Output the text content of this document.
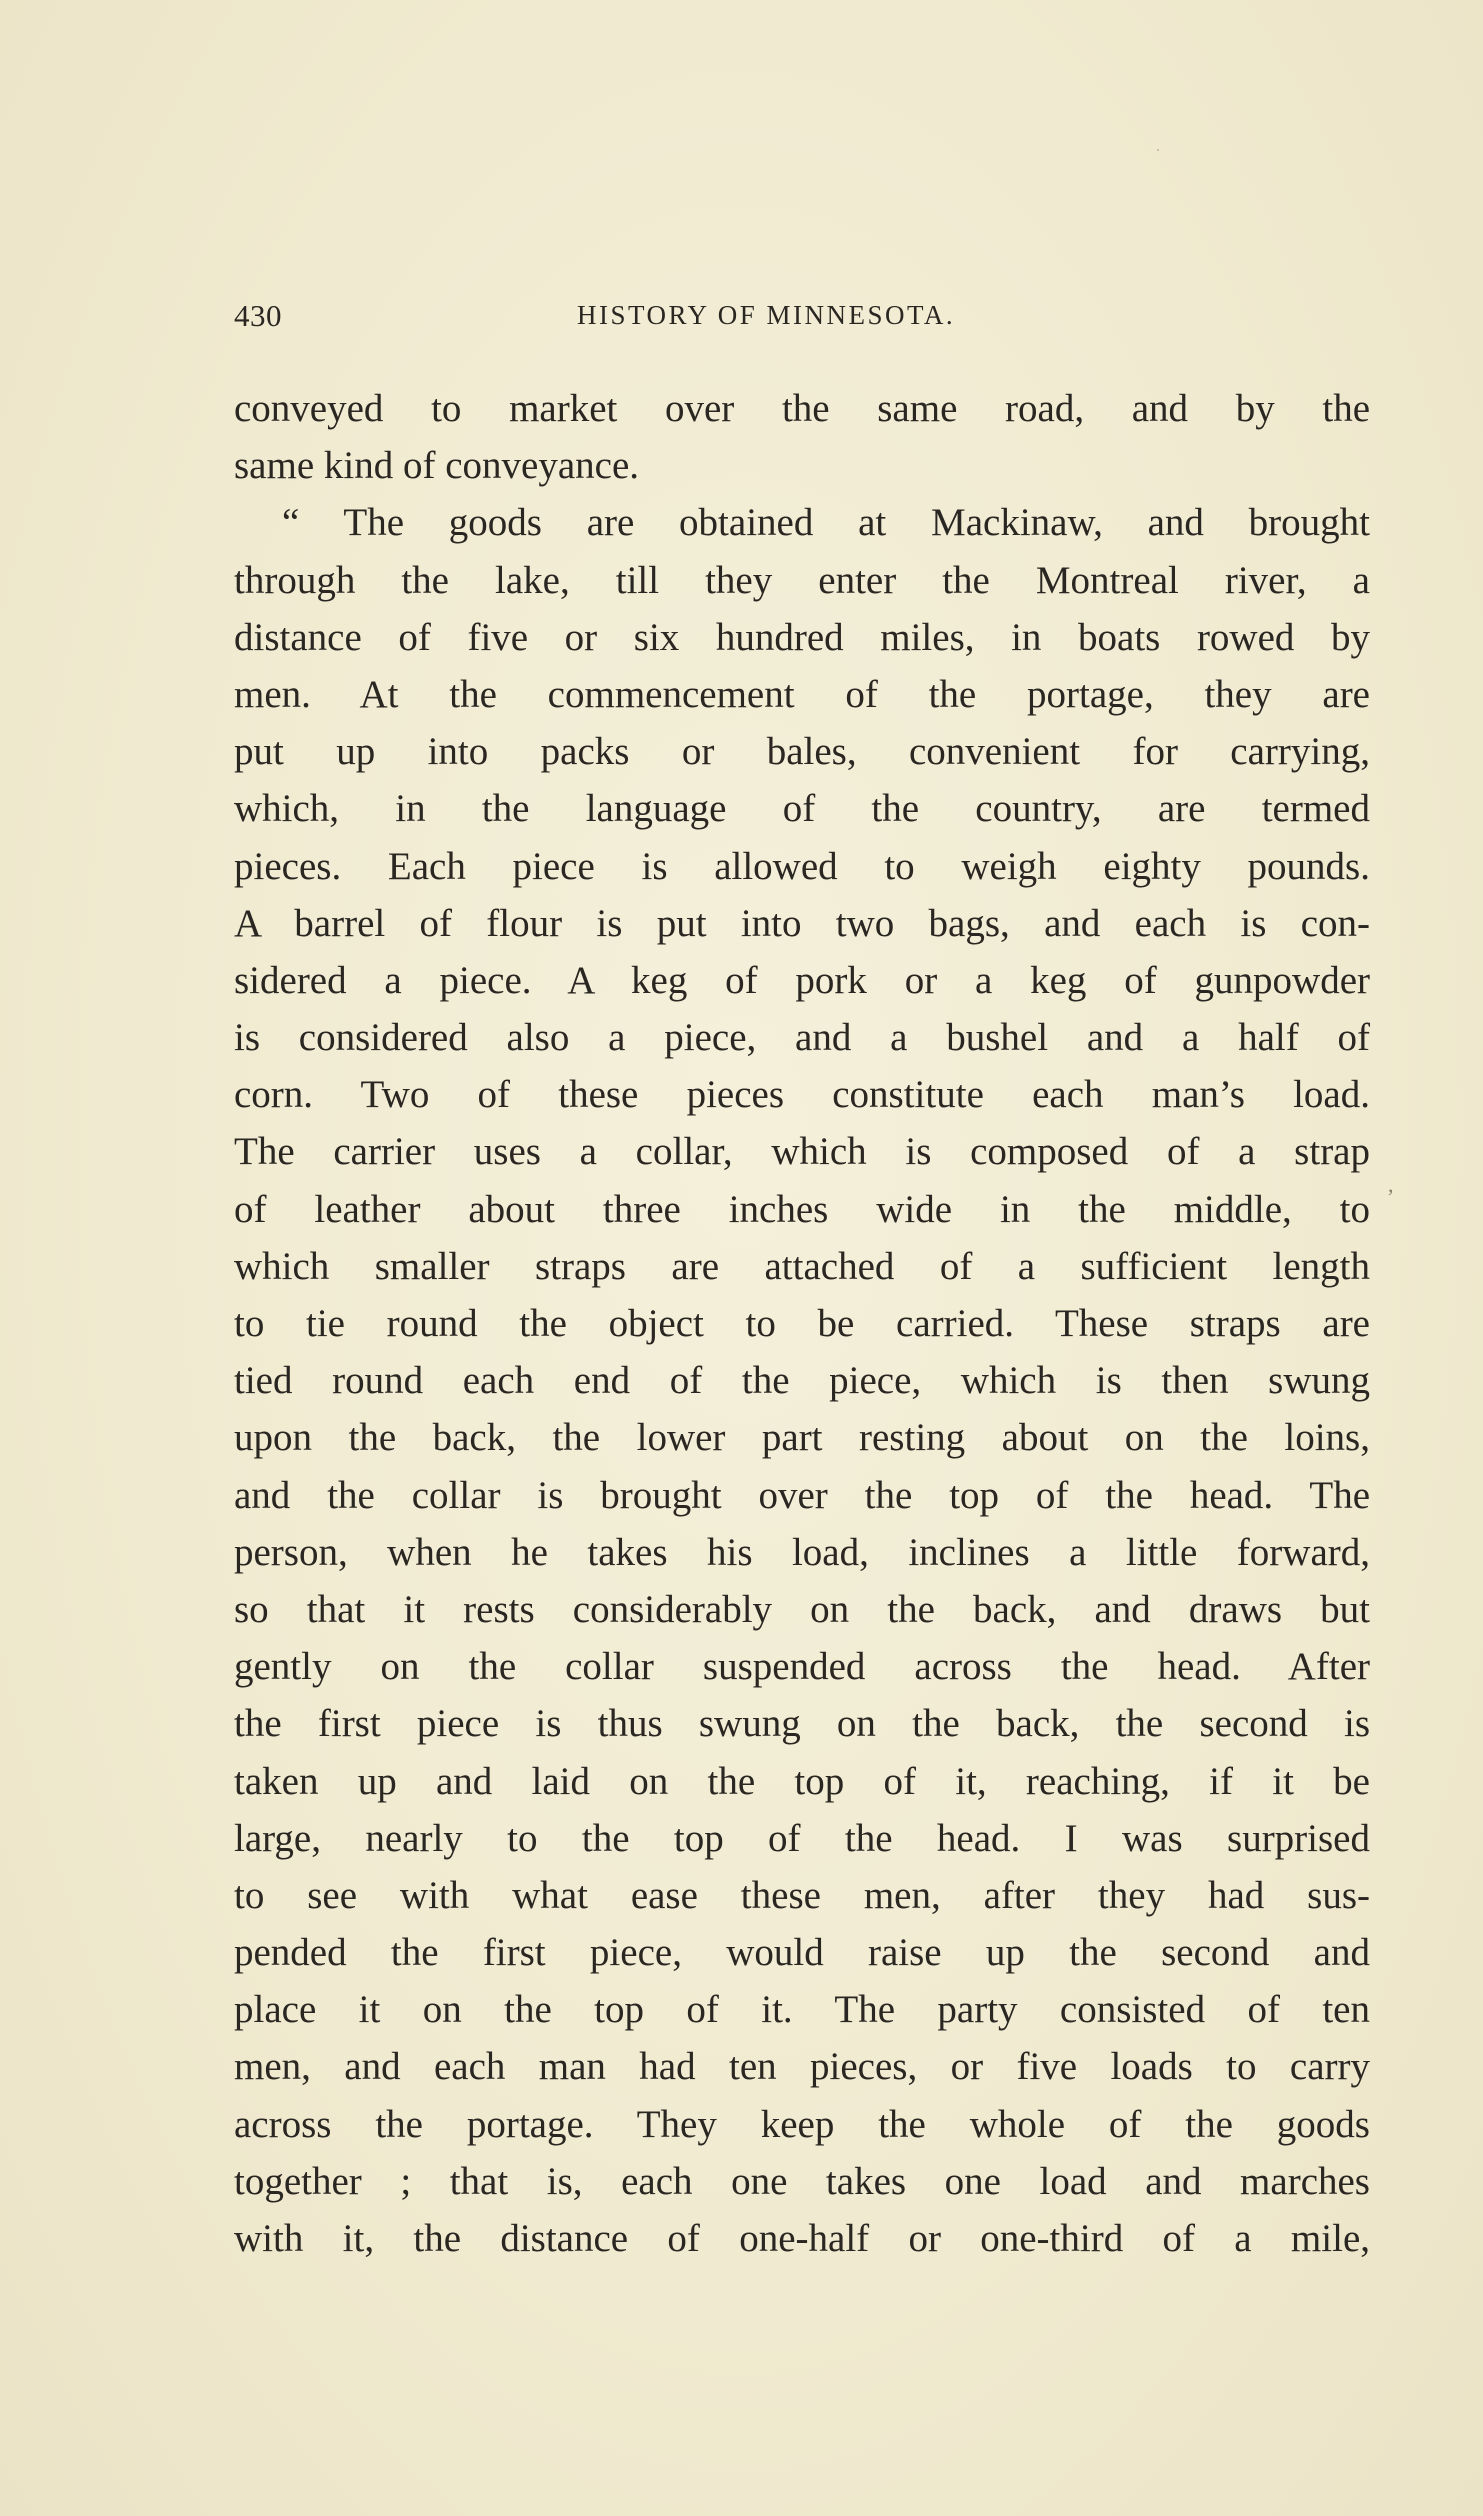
·
430	HISTORY OF MINNESOTA.
conveyed to market over the same road, and by the
same kind of conveyance.
“ The goods are obtained at Mackinaw, and brought
through the lake, till they enter the Montreal river, a
distance of five or six hundred miles, in boats rowed by
men. At the commencement of the portage, they are
put up into packs or bales, convenient for carrying,
which, in the language of the country, are termed
pieces. Each piece is allowed to weigh eighty pounds.
A barrel of flour is put into two bags, and each is con-
sidered a piece. A keg of pork or a keg of gunpowder
is considered also a piece, and a bushel and a half of
corn. Two of these pieces constitute each man’s load.
The carrier uses a collar, which is composed of a strap
of leather about three inches wide in the middle, to
which smaller straps are attached of a sufficient length
to tie round the object to be carried. These straps are
tied round each end of the piece, which is then swung
upon the back, the lower part resting about on the loins,
and the collar is brought over the top of the head. The
person, when he takes his load, inclines a little forward,
so that it rests considerably on the back, and draws but
gently on the collar suspended across the head. After
the first piece is thus swung on the back, the second is
taken up and laid on the top of it, reaching, if it be
large, nearly to the top of the head. I was surprised
to see with what ease these men, after they had sus-
pended the first piece, would raise up the second and
place it on the top of it. The party consisted of ten
men, and each man had ten pieces, or five loads to carry
across the portage. They keep the whole of the goods
together ; that is, each one takes one load and marches
with it, the distance of one-half or one-third of a mile,
,
